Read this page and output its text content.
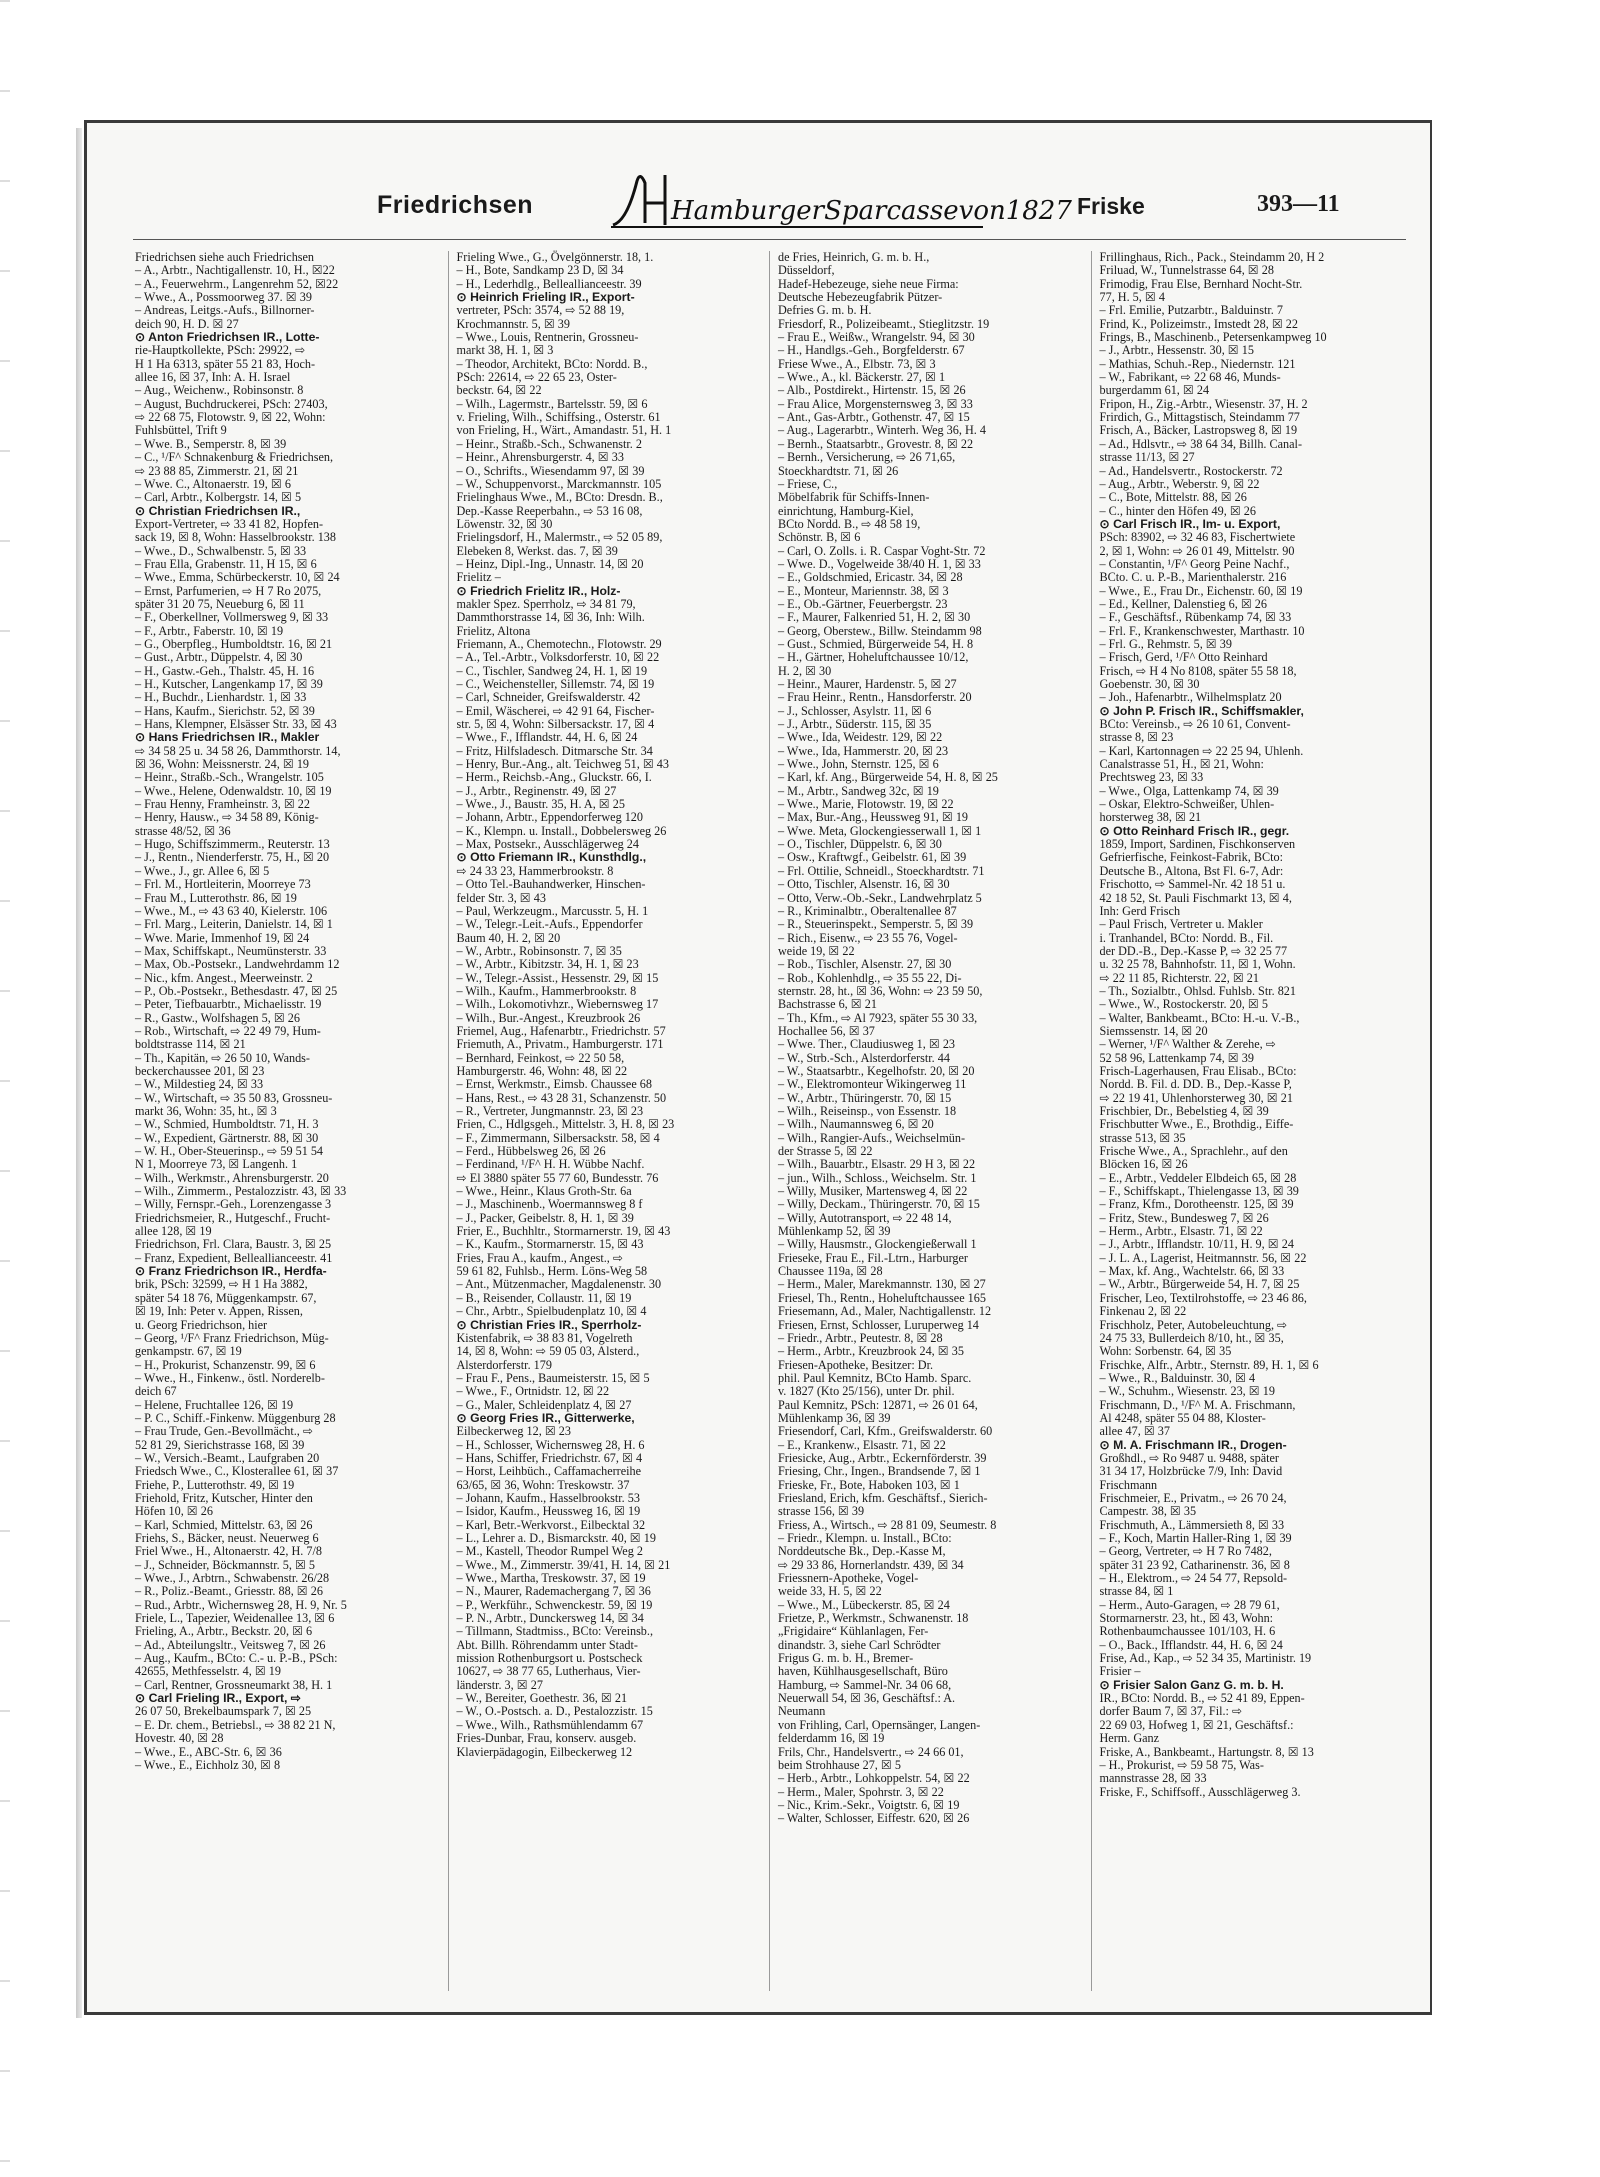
Friedrichsen	HamburgerSparcassevon1827 Friske	393—11
Friedrichsen siehe auch Friedrichsen
– A., Arbtr., Nachtigallenstr. 10, H., ☒22
– A., Feuerwehrm., Langenrehm 52, ☒22
– Wwe., A., Possmoorweg 37. ☒ 39
– Andreas, Leitgs.-Aufs., Billnorner-
deich 90, H. D. ☒ 27
⊙ Anton Friedrichsen IR., Lotte-
rie-Hauptkollekte, PSch: 29922, ⇨
H 1 Ha 6313, später 55 21 83, Hoch-
allee 16, ☒ 37, Inh: A. H. Israel
– Aug., Weichenw., Robinsonstr. 8
– August, Buchdruckerei, PSch: 27403,
⇨ 22 68 75, Flotowstr. 9, ☒ 22, Wohn:
Fuhlsbüttel, Trift 9
– Wwe. B., Semperstr. 8, ☒ 39
– C., ¹/F^ Schnakenburg & Friedrichsen,
⇨ 23 88 85, Zimmerstr. 21, ☒ 21
– Wwe. C., Altonaerstr. 19, ☒ 6
– Carl, Arbtr., Kolbergstr. 14, ☒ 5
⊙ Christian Friedrichsen IR.,
Export-Vertreter, ⇨ 33 41 82, Hopfen-
sack 19, ☒ 8, Wohn: Hasselbrookstr. 138
– Wwe., D., Schwalbenstr. 5, ☒ 33
– Frau Ella, Grabenstr. 11, H 15, ☒ 6
– Wwe., Emma, Schürbeckerstr. 10, ☒ 24
– Ernst, Parfumerien, ⇨ H 7 Ro 2075,
später 31 20 75, Neueburg 6, ☒ 11
– F., Oberkellner, Vollmersweg 9, ☒ 33
– F., Arbtr., Faberstr. 10, ☒ 19
– G., Oberpfleg., Humboldtstr. 16, ☒ 21
– Gust., Arbtr., Düppelstr. 4, ☒ 30
– H., Gastw.-Geh., Thalstr. 45, H. 16
– H., Kutscher, Langenkamp 17, ☒ 39
– H., Buchdr., Lienhardstr. 1, ☒ 33
– Hans, Kaufm., Sierichstr. 52, ☒ 39
– Hans, Klempner, Elsässer Str. 33, ☒ 43
⊙ Hans Friedrichsen IR., Makler
⇨ 34 58 25 u. 34 58 26, Dammthorstr. 14,
☒ 36, Wohn: Meissnerstr. 24, ☒ 19
– Heinr., Straßb.-Sch., Wrangelstr. 105
– Wwe., Helene, Odenwaldstr. 10, ☒ 19
– Frau Henny, Framheinstr. 3, ☒ 22
– Henry, Hausw., ⇨ 34 58 89, König-
strasse 48/52, ☒ 36
– Hugo, Schiffszimmerm., Reuterstr. 13
– J., Rentn., Nienderferstr. 75, H., ☒ 20
– Wwe., J., gr. Allee 6, ☒ 5
– Frl. M., Hortleiterin, Moorreye 73
– Frau M., Lutterothstr. 86, ☒ 19
– Wwe., M., ⇨ 43 63 40, Kielerstr. 106
– Frl. Marg., Leiterin, Danielstr. 14, ☒ 1
– Wwe. Marie, Immenhof 19, ☒ 24
– Max, Schiffskapt., Neumünsterstr. 33
– Max, Ob.-Postsekr., Landwehrdamm 12
– Nic., kfm. Angest., Meerweinstr. 2
– P., Ob.-Postsekr., Bethesdastr. 47, ☒ 25
– Peter, Tiefbauarbtr., Michaelisstr. 19
– R., Gastw., Wolfshagen 5, ☒ 26
– Rob., Wirtschaft, ⇨ 22 49 79, Hum-
boldtstrasse 114, ☒ 21
– Th., Kapitän, ⇨ 26 50 10, Wands-
beckerchaussee 201, ☒ 23
– W., Mildestieg 24, ☒ 33
– W., Wirtschaft, ⇨ 35 50 83, Grossneu-
markt 36, Wohn: 35, ht., ☒ 3
– W., Schmied, Humboldtstr. 71, H. 3
– W., Expedient, Gärtnerstr. 88, ☒ 30
– W. H., Ober-Steuerinsp., ⇨ 59 51 54
N 1, Moorreye 73, ☒ Langenh. 1
– Wilh., Werkmstr., Ahrensburgerstr. 20
– Wilh., Zimmerm., Pestalozzistr. 43, ☒ 33
– Willy, Fernspr.-Geh., Lorenzengasse 3
Friedrichsmeier, R., Hutgeschf., Frucht-
allee 128, ☒ 19
Friedrichson, Frl. Clara, Baustr. 3, ☒ 25
– Franz, Expedient, Belleallianceestr. 41
⊙ Franz Friedrichson IR., Herdfa-
brik, PSch: 32599, ⇨ H 1 Ha 3882,
später 54 18 76, Müggenkampstr. 67,
☒ 19, Inh: Peter v. Appen, Rissen,
u. Georg Friedrichson, hier
– Georg, ¹/F^ Franz Friedrichson, Müg-
genkampstr. 67, ☒ 19
– H., Prokurist, Schanzenstr. 99, ☒ 6
– Wwe., H., Finkenw., östl. Norderelb-
deich 67
– Helene, Fruchtallee 126, ☒ 19
– P. C., Schiff.-Finkenw. Müggenburg 28
– Frau Trude, Gen.-Bevollmächt., ⇨
52 81 29, Sierichstrasse 168, ☒ 39
– W., Versich.-Beamt., Laufgraben 20
Friedsch Wwe., C., Klosterallee 61, ☒ 37
Friehe, P., Lutterothstr. 49, ☒ 19
Friehold, Fritz, Kutscher, Hinter den
Höfen 10, ☒ 26
– Karl, Schmied, Mittelstr. 63, ☒ 26
Friehs, S., Bäcker, neust. Neuerweg 6
Friel Wwe., H., Altonaerstr. 42, H. 7/8
– J., Schneider, Böckmannstr. 5, ☒ 5
– Wwe., J., Arbtrn., Schwabenstr. 26/28
– R., Poliz.-Beamt., Griesstr. 88, ☒ 26
– Rud., Arbtr., Wichernsweg 28, H. 9, Nr. 5
Friele, L., Tapezier, Weidenallee 13, ☒ 6
Frieling, A., Arbtr., Beckstr. 20, ☒ 6
– Ad., Abteilungsltr., Veitsweg 7, ☒ 26
– Aug., Kaufm., BCto: C.- u. P.-B., PSch:
42655, Methfesselstr. 4, ☒ 19
– Carl, Rentner, Grossneumarkt 38, H. 1
⊙ Carl Frieling IR., Export, ⇨
26 07 50, Brekelbaumspark 7, ☒ 25
– E. Dr. chem., Betriebsl., ⇨ 38 82 21 N,
Hovestr. 40, ☒ 28
– Wwe., E., ABC-Str. 6, ☒ 36
– Wwe., E., Eichholz 30, ☒ 8
Frieling Wwe., G., Övelgönnerstr. 18, 1.
– H., Bote, Sandkamp 23 D, ☒ 34
– H., Lederhdlg., Belleallianceestr. 39
⊙ Heinrich Frieling IR., Export-
vertreter, PSch: 3574, ⇨ 52 88 19,
Krochmannstr. 5, ☒ 39
– Wwe., Louis, Rentnerin, Grossneu-
markt 38, H. 1, ☒ 3
– Theodor, Architekt, BCto: Nordd. B.,
PSch: 22614, ⇨ 22 65 23, Oster-
beckstr. 64, ☒ 22
– Wilh., Lagermstr., Bartelsstr. 59, ☒ 6
v. Frieling, Wilh., Schiffsing., Osterstr. 61
von Frieling, H., Wärt., Amandastr. 51, H. 1
– Heinr., Straßb.-Sch., Schwanenstr. 2
– Heinr., Ahrensburgerstr. 4, ☒ 33
– O., Schrifts., Wiesendamm 97, ☒ 39
– W., Schuppenvorst., Marckmannstr. 105
Frielinghaus Wwe., M., BCto: Dresdn. B.,
Dep.-Kasse Reeperbahn., ⇨ 53 16 08,
Löwenstr. 32, ☒ 30
Frielingsdorf, H., Malermstr., ⇨ 52 05 89,
Elebeken 8, Werkst. das. 7, ☒ 39
– Heinz, Dipl.-Ing., Unnastr. 14, ☒ 20
Frielitz –
⊙ Friedrich Frielitz IR., Holz-
makler Spez. Sperrholz, ⇨ 34 81 79,
Dammthorstrasse 14, ☒ 36, Inh: Wilh.
Frielitz, Altona
Friemann, A., Chemotechn., Flotowstr. 29
– A., Tel.-Arbtr., Volksdorferstr. 10, ☒ 22
– C., Tischler, Sandweg 24, H. 1, ☒ 19
– C., Weichensteller, Sillemstr. 74, ☒ 19
– Carl, Schneider, Greifswalderstr. 42
– Emil, Wäscherei, ⇨ 42 91 64, Fischer-
str. 5, ☒ 4, Wohn: Silbersackstr. 17, ☒ 4
– Wwe., F., Ifflandstr. 44, H. 6, ☒ 24
– Fritz, Hilfsladesch. Ditmarsche Str. 34
– Henry, Bur.-Ang., alt. Teichweg 51, ☒ 43
– Herm., Reichsb.-Ang., Gluckstr. 66, I.
– J., Arbtr., Reginenstr. 49, ☒ 27
– Wwe., J., Baustr. 35, H. A, ☒ 25
– Johann, Arbtr., Eppendorferweg 120
– K., Klempn. u. Install., Dobbelersweg 26
– Max, Postsekr., Ausschlägerweg 24
⊙ Otto Friemann IR., Kunsthdlg.,
⇨ 24 33 23, Hammerbrookstr. 8
– Otto Tel.-Bauhandwerker, Hinschen-
felder Str. 3, ☒ 43
– Paul, Werkzeugm., Marcusstr. 5, H. 1
– W., Telegr.-Leit.-Aufs., Eppendorfer
Baum 40, H. 2, ☒ 20
– W., Arbtr., Robinsonstr. 7, ☒ 35
– W., Arbtr., Kibitzstr. 34, H. 1, ☒ 23
– W., Telegr.-Assist., Hessenstr. 29, ☒ 15
– Wilh., Kaufm., Hammerbrookstr. 8
– Wilh., Lokomotivhzr., Wiebernsweg 17
– Wilh., Bur.-Angest., Kreuzbrook 26
Friemel, Aug., Hafenarbtr., Friedrichstr. 57
Friemuth, A., Privatm., Hamburgerstr. 171
– Bernhard, Feinkost, ⇨ 22 50 58,
Hamburgerstr. 46, Wohn: 48, ☒ 22
– Ernst, Werkmstr., Eimsb. Chaussee 68
– Hans, Rest., ⇨ 43 28 31, Schanzenstr. 50
– R., Vertreter, Jungmannstr. 23, ☒ 23
Frien, C., Hdlgsgeh., Mittelstr. 3, H. 8, ☒ 23
– F., Zimmermann, Silbersackstr. 58, ☒ 4
– Ferd., Hübbelsweg 26, ☒ 26
– Ferdinand, ¹/F^ H. H. Wübbe Nachf.
⇨ El 3880 später 55 77 60, Bundesstr. 76
– Wwe., Heinr., Klaus Groth-Str. 6a
– J., Maschinenb., Woermannsweg 8 f
– J., Packer, Geibelstr. 8, H. 1, ☒ 39
Frier, E., Buchhltr., Stormarnerstr. 19, ☒ 43
– K., Kaufm., Stormarnerstr. 15, ☒ 43
Fries, Frau A., kaufm., Angest., ⇨
59 61 82, Fuhlsb., Herm. Löns-Weg 58
– Ant., Mützenmacher, Magdalenenstr. 30
– B., Reisender, Collaustr. 11, ☒ 19
– Chr., Arbtr., Spielbudenplatz 10, ☒ 4
⊙ Christian Fries IR., Sperrholz-
Kistenfabrik, ⇨ 38 83 81, Vogelreth
14, ☒ 8, Wohn: ⇨ 59 05 03, Alsterd.,
Alsterdorferstr. 179
– Frau F., Pens., Baumeisterstr. 15, ☒ 5
– Wwe., F., Ortnidstr. 12, ☒ 22
– G., Maler, Schleidenplatz 4, ☒ 27
⊙ Georg Fries IR., Gitterwerke,
Eilbeckerweg 12, ☒ 23
– H., Schlosser, Wichernsweg 28, H. 6
– Hans, Schiffer, Friedrichstr. 67, ☒ 4
– Horst, Leihbüch., Caffamacherreihe
63/65, ☒ 36, Wohn: Treskowstr. 37
– Johann, Kaufm., Hasselbrookstr. 53
– Isidor, Kaufm., Heussweg 16, ☒ 19
– Karl, Betr.-Werkvorst., Eilbecktal 32
– L., Lehrer a. D., Bismarckstr. 40, ☒ 19
– M., Kastell, Theodor Rumpel Weg 2
– Wwe., M., Zimmerstr. 39/41, H. 14, ☒ 21
– Wwe., Martha, Treskowstr. 37, ☒ 19
– N., Maurer, Rademachergang 7, ☒ 36
– P., Werkführ., Schwenckestr. 59, ☒ 19
– P. N., Arbtr., Dunckersweg 14, ☒ 34
– Tillmann, Stadtmiss., BCto: Vereinsb.,
Abt. Billh. Röhrendamm unter Stadt-
mission Rothenburgsort u. Postscheck
10627, ⇨ 38 77 65, Lutherhaus, Vier-
länderstr. 3, ☒ 27
– W., Bereiter, Goethestr. 36, ☒ 21
– W., O.-Postsch. a. D., Pestalozzistr. 15
– Wwe., Wilh., Rathsmühlendamm 67
Fries-Dunbar, Frau, konserv. ausgeb.
Klavierpädagogin, Eilbeckerweg 12
de Fries, Heinrich, G. m. b. H.,
Düsseldorf,
Hadef-Hebezeuge, siehe neue Firma:
Deutsche Hebezeugfabrik Pützer-
Defries G. m. b. H.
Friesdorf, R., Polizeibeamt., Stieglitzstr. 19
– Frau E., Weißw., Wrangelstr. 94, ☒ 30
– H., Handlgs.-Geh., Borgfelderstr. 67
Friese Wwe., A., Elbstr. 73, ☒ 3
– Wwe., A., kl. Bäckerstr. 27, ☒ 1
– Alb., Postdirekt., Hirtenstr. 15, ☒ 26
– Frau Alice, Morgensternsweg 3, ☒ 33
– Ant., Gas-Arbtr., Gothenstr. 47, ☒ 15
– Aug., Lagerarbtr., Winterh. Weg 36, H. 4
– Bernh., Staatsarbtr., Grovestr. 8, ☒ 22
– Bernh., Versicherung, ⇨ 26 71,65,
Stoeckhardtstr. 71, ☒ 26
– Friese, C.,
Möbelfabrik für Schiffs-Innen-
einrichtung, Hamburg-Kiel,
BCto Nordd. B., ⇨ 48 58 19,
Schönstr. B, ☒ 6
– Carl, O. Zolls. i. R. Caspar Voght-Str. 72
– Wwe. D., Vogelweide 38/40 H. 1, ☒ 33
– E., Goldschmied, Ericastr. 34, ☒ 28
– E., Monteur, Mariennstr. 38, ☒ 3
– E., Ob.-Gärtner, Feuerbergstr. 23
– F., Maurer, Falkenried 51, H. 2, ☒ 30
– Georg, Oberstew., Billw. Steindamm 98
– Gust., Schmied, Bürgerweide 54, H. 8
– H., Gärtner, Hoheluftchaussee 10/12,
H. 2, ☒ 30
– Heinr., Maurer, Hardenstr. 5, ☒ 27
– Frau Heinr., Rentn., Hansdorferstr. 20
– J., Schlosser, Asylstr. 11, ☒ 6
– J., Arbtr., Süderstr. 115, ☒ 35
– Wwe., Ida, Weidestr. 129, ☒ 22
– Wwe., Ida, Hammerstr. 20, ☒ 23
– Wwe., John, Sternstr. 125, ☒ 6
– Karl, kf. Ang., Bürgerweide 54, H. 8, ☒ 25
– M., Arbtr., Sandweg 32c, ☒ 19
– Wwe., Marie, Flotowstr. 19, ☒ 22
– Max, Bur.-Ang., Heussweg 91, ☒ 19
– Wwe. Meta, Glockengiesserwall 1, ☒ 1
– O., Tischler, Düppelstr. 6, ☒ 30
– Osw., Kraftwgf., Geibelstr. 61, ☒ 39
– Frl. Ottilie, Schneidl., Stoeckhardtstr. 71
– Otto, Tischler, Alsenstr. 16, ☒ 30
– Otto, Verw.-Ob.-Sekr., Landwehrplatz 5
– R., Kriminalbtr., Oberaltenallee 87
– R., Steuerinspekt., Semperstr. 5, ☒ 39
– Rich., Eisenw., ⇨ 23 55 76, Vogel-
weide 19, ☒ 22
– Rob., Tischler, Alsenstr. 27, ☒ 30
– Rob., Kohlenhdlg., ⇨ 35 55 22, Di-
sternstr. 28, ht., ☒ 36, Wohn: ⇨ 23 59 50,
Bachstrasse 6, ☒ 21
– Th., Kfm., ⇨ Al 7923, später 55 30 33,
Hochallee 56, ☒ 37
– Wwe. Ther., Claudiusweg 1, ☒ 23
– W., Strb.-Sch., Alsterdorferstr. 44
– W., Staatsarbtr., Kegelhofstr. 20, ☒ 20
– W., Elektromonteur Wikingerweg 11
– W., Arbtr., Thüringerstr. 70, ☒ 15
– Wilh., Reiseinsp., von Essenstr. 18
– Wilh., Naumannsweg 6, ☒ 20
– Wilh., Rangier-Aufs., Weichselmün-
der Strasse 5, ☒ 22
– Wilh., Bauarbtr., Elsastr. 29 H 3, ☒ 22
– jun., Wilh., Schloss., Weichselm. Str. 1
– Willy, Musiker, Martensweg 4, ☒ 22
– Willy, Deckam., Thüringerstr. 70, ☒ 15
– Willy, Autotransport, ⇨ 22 48 14,
Mühlenkamp 52, ☒ 39
– Willy, Hausmstr., Glockengießerwall 1
Frieseke, Frau E., Fil.-Ltrn., Harburger
Chaussee 119a, ☒ 28
– Herm., Maler, Marekmannstr. 130, ☒ 27
Friesel, Th., Rentn., Hoheluftchaussee 165
Friesemann, Ad., Maler, Nachtigallenstr. 12
Friesen, Ernst, Schlosser, Luruperweg 14
– Friedr., Arbtr., Peutestr. 8, ☒ 28
– Herm., Arbtr., Kreuzbrook 24, ☒ 35
Friesen-Apotheke, Besitzer: Dr.
phil. Paul Kemnitz, BCto Hamb. Sparc.
v. 1827 (Kto 25/156), unter Dr. phil.
Paul Kemnitz, PSch: 12871, ⇨ 26 01 64,
Mühlenkamp 36, ☒ 39
Friesendorf, Carl, Kfm., Greifswalderstr. 60
– E., Krankenw., Elsastr. 71, ☒ 22
Friesicke, Aug., Arbtr., Eckernförderstr. 39
Friesing, Chr., Ingen., Brandsende 7, ☒ 1
Frieske, Fr., Bote, Haboken 103, ☒ 1
Friesland, Erich, kfm. Geschäftsf., Sierich-
strasse 156, ☒ 39
Friess, A., Wirtsch., ⇨ 28 81 09, Seumestr. 8
– Friedr., Klempn. u. Install., BCto:
Norddeutsche Bk., Dep.-Kasse M,
⇨ 29 33 86, Hornerlandstr. 439, ☒ 34
Friessnern-Apotheke, Vogel-
weide 33, H. 5, ☒ 22
– Wwe., M., Lübeckerstr. 85, ☒ 24
Frietze, P., Werkmstr., Schwanenstr. 18
„Frigidaire“ Kühlanlagen, Fer-
dinandstr. 3, siehe Carl Schrödter
Frigus G. m. b. H., Bremer-
haven, Kühlhausgesellschaft, Büro
Hamburg, ⇨ Sammel-Nr. 34 06 68,
Neuerwall 54, ☒ 36, Geschäftsf.: A.
Neumann
von Frihling, Carl, Opernsänger, Langen-
felderdamm 16, ☒ 19
Frils, Chr., Handelsvertr., ⇨ 24 66 01,
beim Strohhause 27, ☒ 5
– Herb., Arbtr., Lohkoppelstr. 54, ☒ 22
– Herm., Maler, Spohrstr. 3, ☒ 22
– Nic., Krim.-Sekr., Voigtstr. 6, ☒ 19
– Walter, Schlosser, Eiffestr. 620, ☒ 26
Frillinghaus, Rich., Pack., Steindamm 20, H 2
Friluad, W., Tunnelstrasse 64, ☒ 28
Frimodig, Frau Else, Bernhard Nocht-Str.
77, H. 5, ☒ 4
– Frl. Emilie, Putzarbtr., Balduinstr. 7
Frind, K., Polizeimstr., Imstedt 28, ☒ 22
Frings, B., Maschinenb., Petersenkampweg 10
– J., Arbtr., Hessenstr. 30, ☒ 15
– Mathias, Schuh.-Rep., Niedernstr. 121
– W., Fabrikant, ⇨ 22 68 46, Munds-
burgerdamm 61, ☒ 24
Fripon, H., Zig.-Arbtr., Wiesenstr. 37, H. 2
Frirdich, G., Mittagstisch, Steindamm 77
Frisch, A., Bäcker, Lastropsweg 8, ☒ 19
– Ad., Hdlsvtr., ⇨ 38 64 34, Billh. Canal-
strasse 11/13, ☒ 27
– Ad., Handelsvertr., Rostockerstr. 72
– Aug., Arbtr., Weberstr. 9, ☒ 22
– C., Bote, Mittelstr. 88, ☒ 26
– C., hinter den Höfen 49, ☒ 26
⊙ Carl Frisch IR., Im- u. Export,
PSch: 83902, ⇨ 32 46 83, Fischertwiete
2, ☒ 1, Wohn: ⇨ 26 01 49, Mittelstr. 90
– Constantin, ¹/F^ Georg Peine Nachf.,
BCto. C. u. P.-B., Marienthalerstr. 216
– Wwe., E., Frau Dr., Eichenstr. 60, ☒ 19
– Ed., Kellner, Dalenstieg 6, ☒ 26
– F., Geschäftsf., Rübenkamp 74, ☒ 33
– Frl. F., Krankenschwester, Marthastr. 10
– Frl. G., Rehmstr. 5, ☒ 39
– Frisch, Gerd, ¹/F^ Otto Reinhard
Frisch, ⇨ H 4 No 8108, später 55 58 18,
Goebenstr. 30, ☒ 30
– Joh., Hafenarbtr., Wilhelmsplatz 20
⊙ John P. Frisch IR., Schiffsmakler,
BCto: Vereinsb., ⇨ 26 10 61, Convent-
strasse 8, ☒ 23
– Karl, Kartonnagen ⇨ 22 25 94, Uhlenh.
Canalstrasse 51, H., ☒ 21, Wohn:
Prechtsweg 23, ☒ 33
– Wwe., Olga, Lattenkamp 74, ☒ 39
– Oskar, Elektro-Schweißer, Uhlen-
horsterweg 38, ☒ 21
⊙ Otto Reinhard Frisch IR., gegr.
1859, Import, Sardinen, Fischkonserven
Gefrierfische, Feinkost-Fabrik, BCto:
Deutsche B., Altona, Bst Fl. 6-7, Adr:
Frischotto, ⇨ Sammel-Nr. 42 18 51 u.
42 18 52, St. Pauli Fischmarkt 13, ☒ 4,
Inh: Gerd Frisch
– Paul Frisch, Vertreter u. Makler
i. Tranhandel, BCto: Nordd. B., Fil.
der DD.-B., Dep.-Kasse P, ⇨ 32 25 77
u. 32 25 78, Bahnhofstr. 11, ☒ 1, Wohn.
⇨ 22 11 85, Richterstr. 22, ☒ 21
– Th., Sozialbtr., Ohlsd. Fuhlsb. Str. 821
– Wwe., W., Rostockerstr. 20, ☒ 5
– Walter, Bankbeamt., BCto: H.-u. V.-B.,
Siemssenstr. 14, ☒ 20
– Werner, ¹/F^ Walther & Zerehe, ⇨
52 58 96, Lattenkamp 74, ☒ 39
Frisch-Lagerhausen, Frau Elisab., BCto:
Nordd. B. Fil. d. DD. B., Dep.-Kasse P,
⇨ 22 19 41, Uhlenhorsterweg 30, ☒ 21
Frischbier, Dr., Bebelstieg 4, ☒ 39
Frischbutter Wwe., E., Brothdig., Eiffe-
strasse 513, ☒ 35
Frische Wwe., A., Sprachlehr., auf den
Blöcken 16, ☒ 26
– E., Arbtr., Veddeler Elbdeich 65, ☒ 28
– F., Schiffskapt., Thielengasse 13, ☒ 39
– Franz, Kfm., Dorotheenstr. 125, ☒ 39
– Fritz, Stew., Bundesweg 7, ☒ 26
– Herm., Arbtr., Elsastr. 71, ☒ 22
– J., Arbtr., Ifflandstr. 10/11, H. 9, ☒ 24
– J. L. A., Lagerist, Heitmannstr. 56, ☒ 22
– Max, kf. Ang., Wachtelstr. 66, ☒ 33
– W., Arbtr., Bürgerweide 54, H. 7, ☒ 25
Frischer, Leo, Textilrohstoffe, ⇨ 23 46 86,
Finkenau 2, ☒ 22
Frischholz, Peter, Autobeleuchtung, ⇨
24 75 33, Bullerdeich 8/10, ht., ☒ 35,
Wohn: Sorbenstr. 64, ☒ 35
Frischke, Alfr., Arbtr., Sternstr. 89, H. 1, ☒ 6
– Wwe., R., Balduinstr. 30, ☒ 4
– W., Schuhm., Wiesenstr. 23, ☒ 19
Frischmann, D., ¹/F^ M. A. Frischmann,
Al 4248, später 55 04 88, Kloster-
allee 47, ☒ 37
⊙ M. A. Frischmann IR., Drogen-
Großhdl., ⇨ Ro 9487 u. 9488, später
31 34 17, Holzbrücke 7/9, Inh: David
Frischmann
Frischmeier, E., Privatm., ⇨ 26 70 24,
Campestr. 38, ☒ 35
Frischmuth, A., Lämmersieth 8, ☒ 33
– F., Koch, Martin Haller-Ring 1, ☒ 39
– Georg, Vertreter, ⇨ H 7 Ro 7482,
später 31 23 92, Catharinenstr. 36, ☒ 8
– H., Elektrom., ⇨ 24 54 77, Repsold-
strasse 84, ☒ 1
– Herm., Auto-Garagen, ⇨ 28 79 61,
Stormarnerstr. 23, ht., ☒ 43, Wohn:
Rothenbaumchaussee 101/103, H. 6
– O., Back., Ifflandstr. 44, H. 6, ☒ 24
Frise, Ad., Kap., ⇨ 52 34 35, Martinistr. 19
Frisier –
⊙ Frisier Salon Ganz G. m. b. H.
IR., BCto: Nordd. B., ⇨ 52 41 89, Eppen-
dorfer Baum 7, ☒ 37, Fil.: ⇨
22 69 03, Hofweg 1, ☒ 21, Geschäftsf.:
Herm. Ganz
Friske, A., Bankbeamt., Hartungstr. 8, ☒ 13
– H., Prokurist, ⇨ 59 58 75, Was-
mannstrasse 28, ☒ 33
Friske, F., Schiffsoff., Ausschlägerweg 3.
